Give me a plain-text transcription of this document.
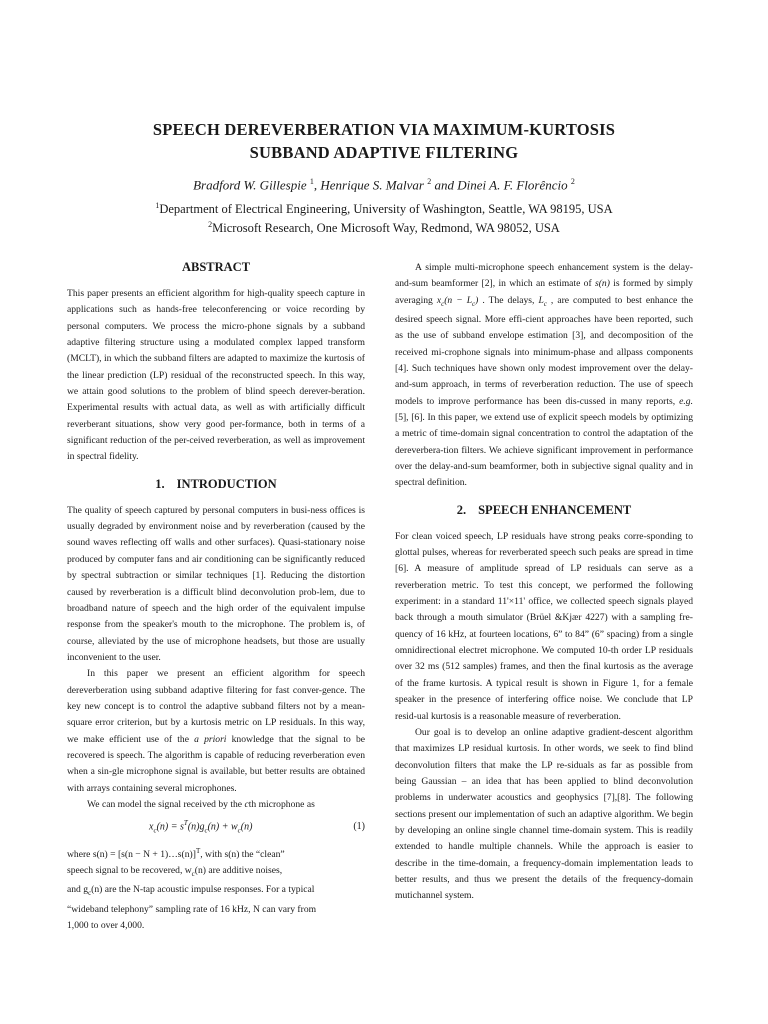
SPEECH DEREVERBERATION VIA MAXIMUM-KURTOSIS
SUBBAND ADAPTIVE FILTERING
Bradford W. Gillespie $^1$, Henrique S. Malvar $^2$ and Dinei A. F. Florêncio $^2$
$^1$Department of Electrical Engineering, University of Washington, Seattle, WA 98195, USA
$^2$Microsoft Research, One Microsoft Way, Redmond, WA 98052, USA
ABSTRACT

This paper presents an efficient algorithm for high-quality speech capture in applications such as hands-free teleconferencing or voice recording by personal computers. We process the micro-phone signals by a subband adaptive filtering structure using a modulated complex lapped transform (MCLT), in which the subband filters are adapted to maximize the kurtosis of the linear prediction (LP) residual of the reconstructed speech. In this way, we attain good solutions to the problem of blind speech derever-beration. Experimental results with actual data, as well as with artificially difficult reverberant situations, show very good per-formance, both in terms of a significant reduction of the per-ceived reverberation, as well as improvement in spectral fidelity.

1. INTRODUCTION

The quality of speech captured by personal computers in busi-ness offices is usually degraded by environment noise and by reverberation (caused by the sound waves reflecting off walls and other surfaces). Quasi-stationary noise produced by computer fans and air conditioning can be significantly reduced by spectral subtraction or similar techniques [1]. Reducing the distortion caused by reverberation is a difficult blind deconvolution prob-lem, due to broadband nature of speech and the high order of the equivalent impulse response from the speaker's mouth to the microphone. The problem is, of course, alleviated by the use of microphone headsets, but those are usually inconvenient to the user.

In this paper we present an efficient algorithm for speech dereverberation using subband adaptive filtering for fast conver-gence. The key new concept is to control the adaptive subband filters not by a mean-square error criterion, but by a kurtosis metric on LP residuals. In this way, we make efficient use of the a priori knowledge that the signal to be recovered is speech. The algorithm is capable of reducing reverberation even when a sin-gle microphone signal is available, but better results are obtained with arrays containing several microphones.

We can model the signal received by the cth microphone as

$x_c(n) = s^T(n)g_c(n) + w_c(n)$	(1)

where s(n) = [s(n − N + 1)…s(n)]$^T$, with s(n) the “clean”
speech signal to be recovered, $w_c(n)$ are additive noises,
and $g_c(n)$ are the N-tap acoustic impulse responses. For a typical
“wideband telephony” sampling rate of 16 kHz, N can vary from
1,000 to over 4,000.

A simple multi-microphone speech enhancement system is the delay-and-sum beamformer [2], in which an estimate of s(n) is formed by simply averaging $x_c(n - L_c)$ . The delays, $L_c$ , are computed to best enhance the desired speech signal. More effi-cient approaches have been reported, such as the use of subband envelope estimation [3], and decomposition of the received mi-crophone signals into minimum-phase and allpass components [4]. Such techniques have shown only modest improvement over the delay-and-sum approach, in terms of reverberation reduction. The use of speech models to improve performance has been dis-cussed in many reports, e.g. [5], [6]. In this paper, we extend use of explicit speech models by optimizing a metric of time-domain signal concentration to control the adaptation of the dereverbera-tion filters. We achieve significant improvement in performance over the delay-and-sum beamformer, both in subjective signal quality and in spectral definition.

2. SPEECH ENHANCEMENT

For clean voiced speech, LP residuals have strong peaks corre-sponding to glottal pulses, whereas for reverberated speech such peaks are spread in time [6]. A measure of amplitude spread of LP residuals can serve as a reverberation metric. To test this concept, we performed the following experiment: in a standard 11'×11' office, we collected speech signals played back through a mouth simulator (Brüel &Kjær 4227) with a sampling fre-quency of 16 kHz, at fourteen locations, 6” to 84” (6” spacing) from a single omnidirectional electret microphone. We computed 10-th order LP residuals over 32 ms (512 samples) frames, and then the final kurtosis as the average of the frame kurtosis. A typical result is shown in Figure 1, for a female speaker in the presence of interfering office noise. We conclude that LP resid-ual kurtosis is a reasonable measure of reverberation.

Our goal is to develop an online adaptive gradient-descent algorithm that maximizes LP residual kurtosis. In other words, we seek to find blind deconvolution filters that make the LP re-siduals as far as possible from being Gaussian – an idea that has been applied to blind deconvolution problems in underwater acoustics and geophysics [7],[8]. The following sections present our implementation of such an adaptive algorithm. We begin by developing an online single channel time-domain system. This is readily extended to handle multiple channels. While the approach is easier to describe in the time-domain, a frequency-domain implementation leads to better results, and thus we present the details of the frequency-domain mutichannel system.
